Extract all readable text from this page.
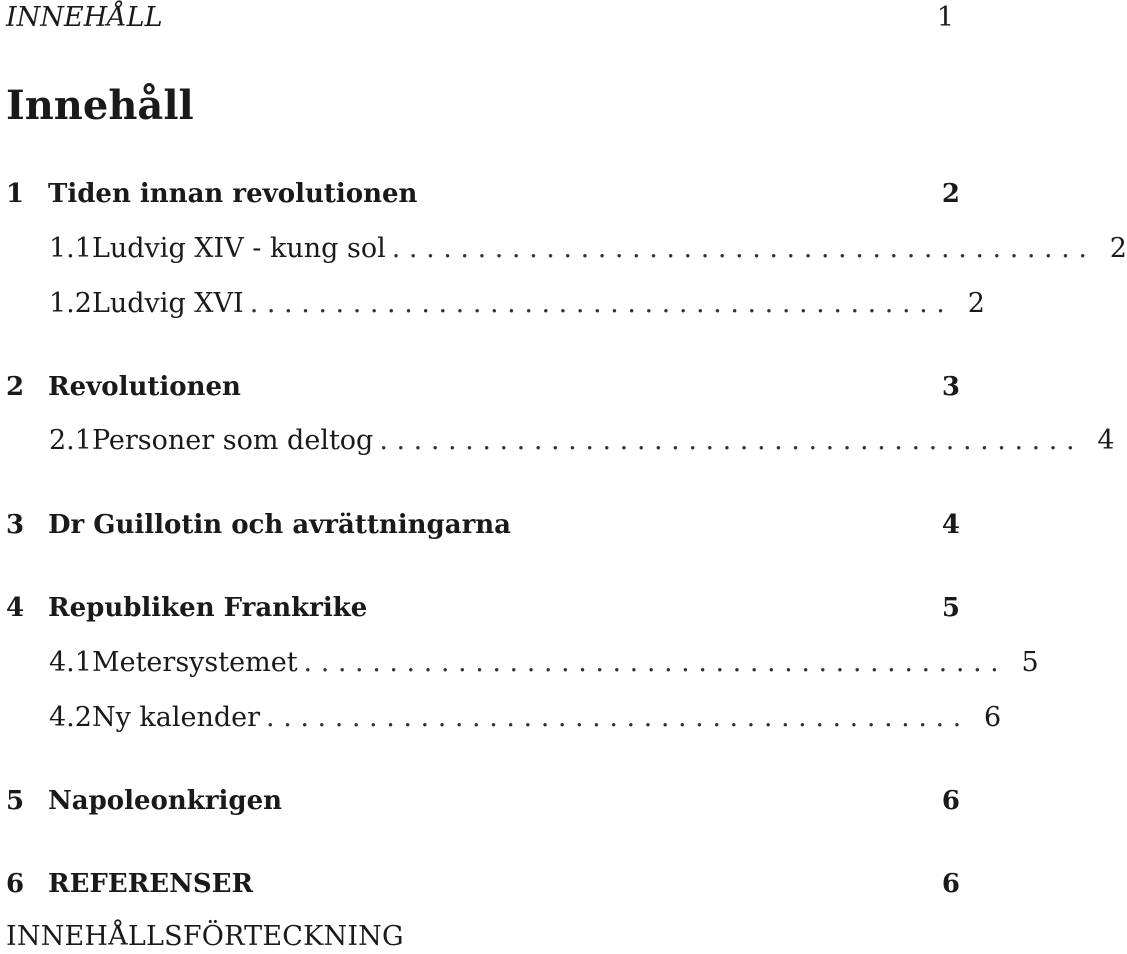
INNEHÅLL	1
Innehåll
1 Tiden innan revolutionen	2
1.1 Ludvig XIV - kung sol . . . . . . . . . . . . . . . . . . . . . . . . . . . . . . . . . . . . . . . . . 2
1.2 Ludvig XVI . . . . . . . . . . . . . . . . . . . . . . . . . . . . . . . . . . . . . . . . . 2
2 Revolutionen	3
2.1 Personer som deltog . . . . . . . . . . . . . . . . . . . . . . . . . . . . . . . . . . . . . . . . . 4
3 Dr Guillotin och avrättningarna	4
4 Republiken Frankrike	5
4.1 Metersystemet . . . . . . . . . . . . . . . . . . . . . . . . . . . . . . . . . . . . . . . . . 5
4.2 Ny kalender . . . . . . . . . . . . . . . . . . . . . . . . . . . . . . . . . . . . . . . . . 6
5 Napoleonkrigen	6
6 REFERENSER	6
INNEHÅLLSFÖRTECKNING
